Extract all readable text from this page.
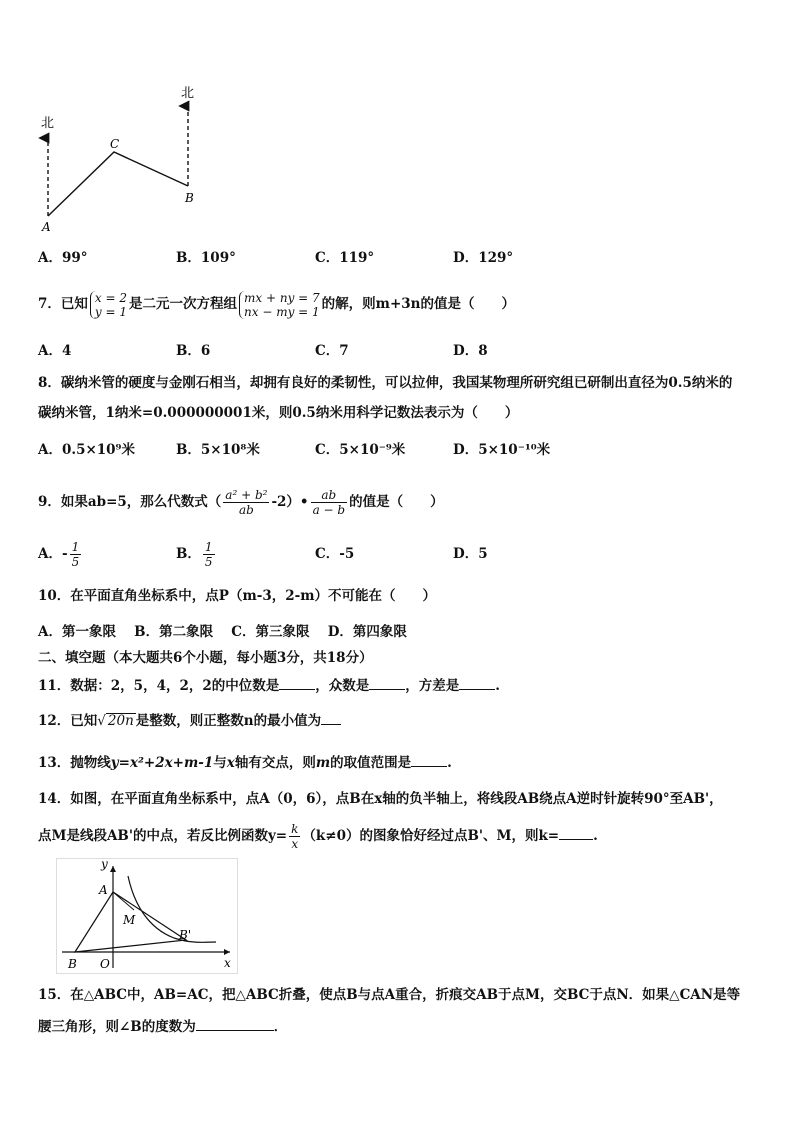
北
北
C
A
B
A．99°	B．109°	C．119°	D．129°
7．已知 x = 2
y = 1 是二元一次方程组 mx + ny = 7
nx − my = 1 的解，则m+3n的值是（　　）
A．4	B．6	C．7	D．8
8．碳纳米管的硬度与金刚石相当，却拥有良好的柔韧性，可以拉伸，我国某物理所研究组已研制出直径为0.5纳米的
碳纳米管，1纳米=0.000000001米，则0.5纳米用科学记数法表示为（　　）
A．0.5×10⁹米	B．5×10⁸米	C．5×10⁻⁹米	D．5×10⁻¹⁰米
9．如果ab=5，那么代数式（ $\frac{\text{a² + b²}}{ab}$ -2）• $\frac{ab}{a - b}$ 的值是（　　）
A．- $\frac{1}{5}$	B． $\frac{1}{5}$	C．-5	D．5
10．在平面直角坐标系中，点P（m-3，2-m）不可能在（　　）
A．第一象限　 B．第二象限　 C．第三象限　 D．第四象限
二、填空题（本大题共6个小题，每小题3分，共18分）
11．数据：2，5，4，2，2的中位数是	，众数是	，方差是	.
12．已知√ 20n 是整数，则正整数n的最小值为
13．抛物线y=x²+2x+m-1与x轴有交点，则m的取值范围是	.
14．如图，在平面直角坐标系中，点A（0，6），点B在x轴的负半轴上，将线段AB绕点A逆时针旋转90°至AB'，
点M是线段AB'的中点，若反比例函数$y= \frac{k}{x} (k\ne 0)$的图象恰好经过点B'、M，则k=	.
y
x
A
M
B'
B O
15．在△ABC中，AB=AC，把△ABC折叠，使点B与点A重合，折痕交AB于点M，交BC于点N．如果△CAN是等
腰三角形，则∠B的度数为	．
